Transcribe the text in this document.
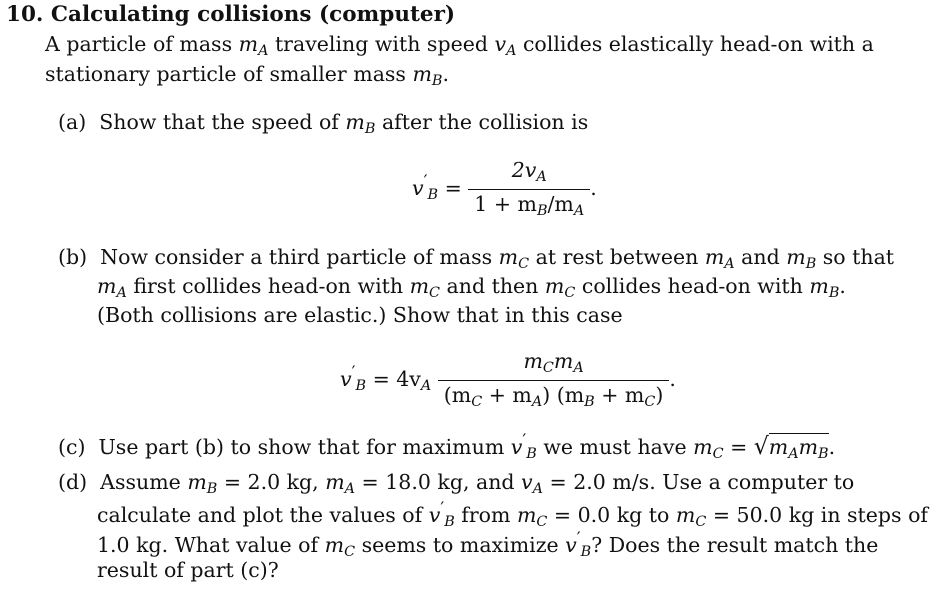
10. Calculating collisions (computer)
A particle of mass $m_A$ traveling with speed $v_A$ collides elastically head-on with a
stationary particle of smaller mass $m_B$.
(a) Show that the speed of $m_B$ after the collision is
$v'_B = \frac{2v_A}{1 + m_B/m_A}$ .
(b) Now consider a third particle of mass $m_C$ at rest between $m_A$ and $m_B$ so that
$m_A$ first collides head-on with $m_C$ and then $m_C$ collides head-on with $m_B$.
(Both collisions are elastic.) Show that in this case
$v'_B = 4v_A \frac{m_Cm_A}{(m_C + m_A) (m_B + m_C)}$ .
(c) Use part (b) to show that for maximum $v'_B$ we must have $m_C = √m_Am_B$.
(d) Assume $m_B = 2.0$ kg, $m_A = 18.0$ kg, and $v_A = 2.0$ m/s. Use a computer to
calculate and plot the values of $v'_B$ from $m_C = 0.0$ kg to $m_C = 50.0$ kg in steps of
1.0 kg. What value of $m_C$ seems to maximize $v'_B$? Does the result match the
result of part (c)?
